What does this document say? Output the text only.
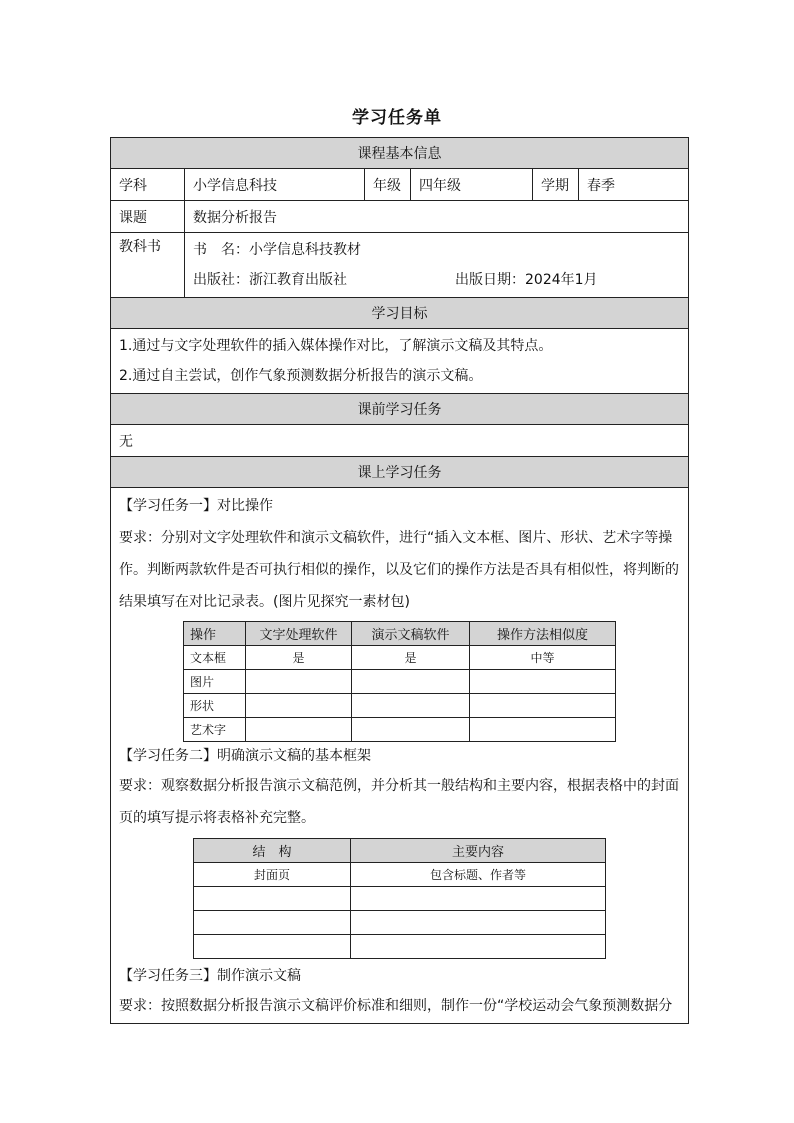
学习任务单
课程基本信息
学科	小学信息科技	年级	四年级	学期	春季
课题	数据分析报告
教科书	书　名：小学信息科技教材
出版社：浙江教育出版社	出版日期：2024年1月

学习目标

1.通过与文字处理软件的插入媒体操作对比，了解演示文稿及其特点。
2.通过自主尝试，创作气象预测数据分析报告的演示文稿。

课前学习任务
无
课上学习任务

【学习任务一】对比操作
要求：分别对文字处理软件和演示文稿软件，进行“插入文本框、图片、形状、艺术字等操作。判断两款软件是否可执行相似的操作，以及它们的操作方法是否具有相似性，将判断的结果填写在对比记录表。(图片见探究一素材包)
操作	文字处理软件	演示文稿软件	操作方法相似度
文本框	是	是	中等
图片			
形状			
艺术字			
【学习任务二】明确演示文稿的基本框架
要求：观察数据分析报告演示文稿范例，并分析其一般结构和主要内容，根据表格中的封面页的填写提示将表格补充完整。
结　构	主要内容
封面页	包含标题、作者等

【学习任务三】制作演示文稿
要求：按照数据分析报告演示文稿评价标准和细则，制作一份“学校运动会气象预测数据分
